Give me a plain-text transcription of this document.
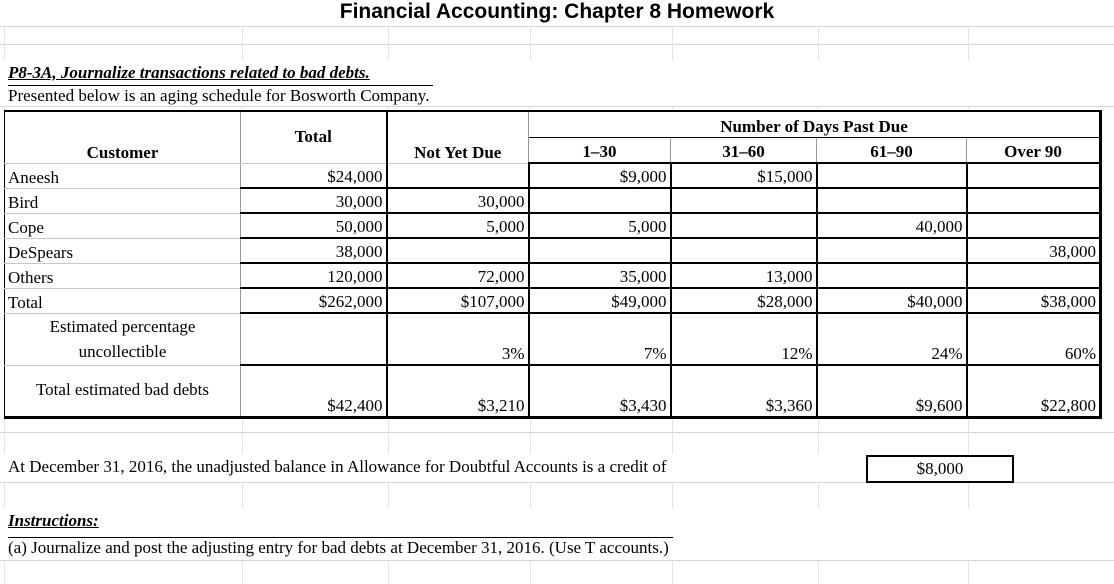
Financial Accounting: Chapter 8 Homework
P8-3A, Journalize transactions related to bad debts.
Presented below is an aging schedule for Bosworth Company.
Customer	Total	Not Yet Due	Number of Days Past Due			
			1–30	31–60	61–90	Over 90
Aneesh	$24,000		$9,000	$15,000		
Bird	30,000	30,000				
Cope	50,000	5,000	5,000		40,000	
DeSpears	38,000					38,000
Others	120,000	72,000	35,000	13,000		
Total	$262,000	$107,000	$49,000	$28,000	$40,000	$38,000

Estimated percentage
uncollectible		3%	7%	12%	24%	60%
Total estimated bad debts	$42,400	$3,210	$3,430	$3,360	$9,600	$22,800
At December 31, 2016, the unadjusted balance in Allowance for Doubtful Accounts is a credit of	$8,000
Instructions:
(a) Journalize and post the adjusting entry for bad debts at December 31, 2016. (Use T accounts.)
